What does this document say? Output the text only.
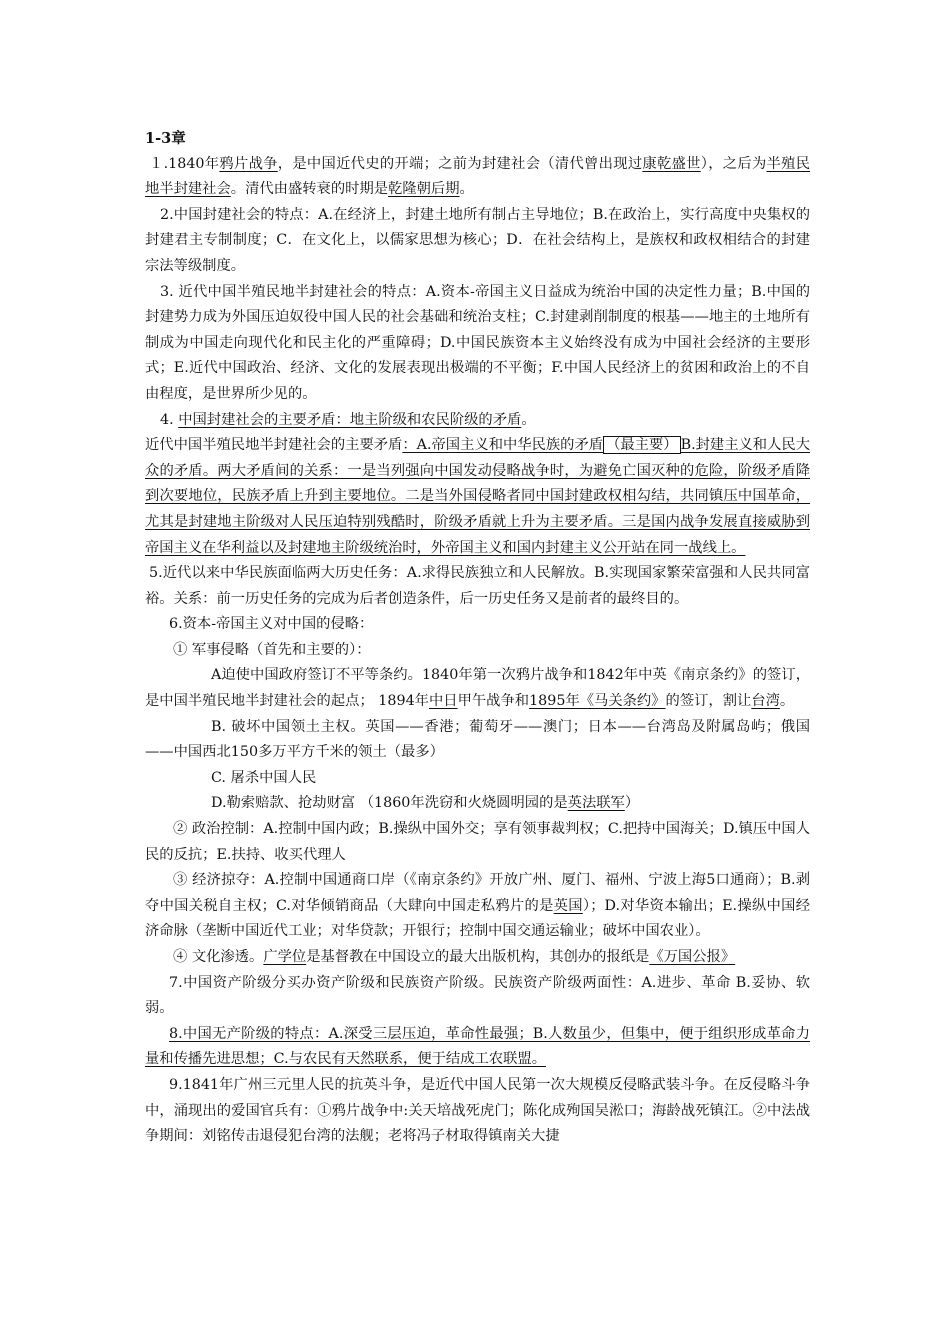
1-3章

１.1840年鸦片战争，是中国近代史的开端；之前为封建社会（清代曾出现过康乾盛世），之后为半殖民地半封建社会。清代由盛转衰的时期是乾隆朝后期。

2.中国封建社会的特点：A.在经济上，封建土地所有制占主导地位；B.在政治上，实行高度中央集权的封建君主专制制度；C．在文化上，以儒家思想为核心；D．在社会结构上，是族权和政权相结合的封建宗法等级制度。

3. 近代中国半殖民地半封建社会的特点：A.资本-帝国主义日益成为统治中国的决定性力量；B.中国的封建势力成为外国压迫奴役中国人民的社会基础和统治支柱；C.封建剥削制度的根基——地主的土地所有制成为中国走向现代化和民主化的严重障碍；D.中国民族资本主义始终没有成为中国社会经济的主要形式；E.近代中国政治、经济、文化的发展表现出极端的不平衡；F.中国人民经济上的贫困和政治上的不自由程度，是世界所少见的。

4. 中国封建社会的主要矛盾：地主阶级和农民阶级的矛盾。

近代中国半殖民地半封建社会的主要矛盾：A.帝国主义和中华民族的矛盾 （最主要） B.封建主义和人民大众的矛盾。两大矛盾间的关系：一是当列强向中国发动侵略战争时，为避免亡国灭种的危险，阶级矛盾降到次要地位，民族矛盾上升到主要地位。二是当外国侵略者同中国封建政权相勾结，共同镇压中国革命，尤其是封建地主阶级对人民压迫特别残酷时，阶级矛盾就上升为主要矛盾。三是国内战争发展直接威胁到帝国主义在华利益以及封建地主阶级统治时，外帝国主义和国内封建主义公开站在同一战线上。

5.近代以来中华民族面临两大历史任务：A.求得民族独立和人民解放。B.实现国家繁荣富强和人民共同富裕。关系：前一历史任务的完成为后者创造条件，后一历史任务又是前者的最终目的。

6.资本-帝国主义对中国的侵略：

① 军事侵略（首先和主要的）：

A迫使中国政府签订不平等条约。1840年第一次鸦片战争和1842年中英《南京条约》的签订，是中国半殖民地半封建社会的起点； 1894年中日甲午战争和1895年《马关条约》的签订，割让台湾。

B. 破坏中国领土主权。英国——香港；葡萄牙——澳门；日本——台湾岛及附属岛屿；俄国——中国西北150多万平方千米的领土（最多）

C. 屠杀中国人民

D.勒索赔款、抢劫财富 （1860年洗窃和火烧圆明园的是英法联军）

② 政治控制：A.控制中国内政；B.操纵中国外交；享有领事裁判权；C.把持中国海关；D.镇压中国人民的反抗；E.扶持、收买代理人

③ 经济掠夺：A.控制中国通商口岸（《南京条约》开放广州、厦门、福州、宁波上海5口通商）；B.剥夺中国关税自主权；C.对华倾销商品（大肆向中国走私鸦片的是英国）；D.对华资本输出；E.操纵中国经济命脉（垄断中国近代工业；对华贷款；开银行；控制中国交通运输业；破坏中国农业）。

④ 文化渗透。广学位是基督教在中国设立的最大出版机构，其创办的报纸是《万国公报》

7.中国资产阶级分买办资产阶级和民族资产阶级。民族资产阶级两面性：A.进步、革命 B.妥协、软弱。

8.中国无产阶级的特点：A.深受三层压迫，革命性最强；B.人数虽少，但集中，便于组织形成革命力量和传播先进思想；C.与农民有天然联系，便于结成工农联盟。

9.1841年广州三元里人民的抗英斗争，是近代中国人民第一次大规模反侵略武装斗争。在反侵略斗争中，涌现出的爱国官兵有：①鸦片战争中:关天培战死虎门；陈化成殉国吴淞口；海龄战死镇江。②中法战争期间：刘铭传击退侵犯台湾的法舰；老将冯子材取得镇南关大捷
